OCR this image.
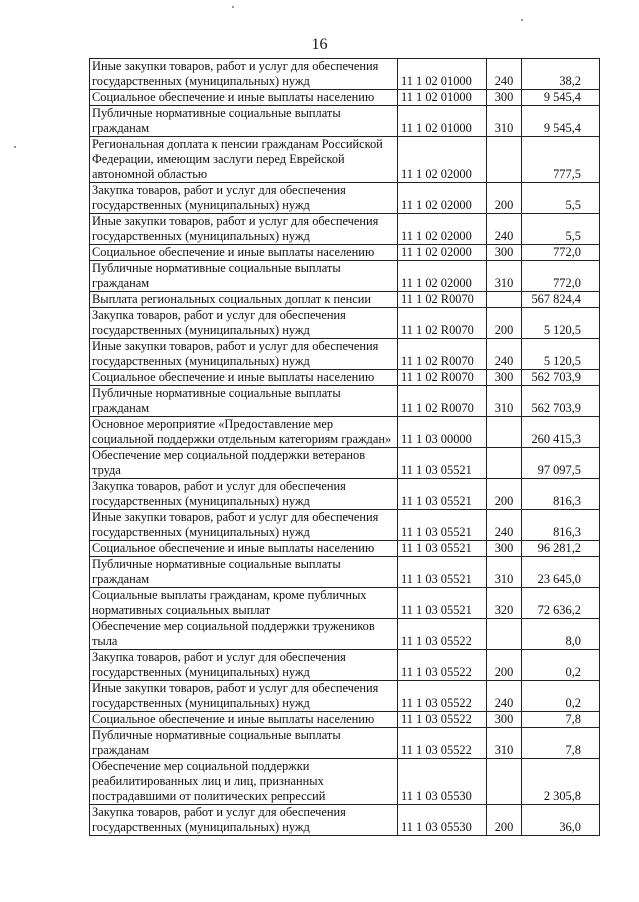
16
Иные закупки товаров, работ и услуг для обеспечения государственных (муниципальных) нужд	11 1 02 01000	240	38,2
Социальное обеспечение и иные выплаты населению	11 1 02 01000	300	9 545,4
Публичные нормативные социальные выплаты гражданам	11 1 02 01000	310	9 545,4
Региональная доплата к пенсии гражданам Российской Федерации, имеющим заслуги перед Еврейской автономной областью	11 1 02 02000		777,5
Закупка товаров, работ и услуг для обеспечения государственных (муниципальных) нужд	11 1 02 02000	200	5,5
Иные закупки товаров, работ и услуг для обеспечения государственных (муниципальных) нужд	11 1 02 02000	240	5,5
Социальное обеспечение и иные выплаты населению	11 1 02 02000	300	772,0
Публичные нормативные социальные выплаты гражданам	11 1 02 02000	310	772,0
Выплата региональных социальных доплат к пенсии	11 1 02 R0070		567 824,4
Закупка товаров, работ и услуг для обеспечения государственных (муниципальных) нужд	11 1 02 R0070	200	5 120,5
Иные закупки товаров, работ и услуг для обеспечения государственных (муниципальных) нужд	11 1 02 R0070	240	5 120,5
Социальное обеспечение и иные выплаты населению	11 1 02 R0070	300	562 703,9
Публичные нормативные социальные выплаты гражданам	11 1 02 R0070	310	562 703,9
Основное мероприятие «Предоставление мер социальной поддержки отдельным категориям граждан»	11 1 03 00000		260 415,3
Обеспечение мер социальной поддержки ветеранов труда	11 1 03 05521		97 097,5
Закупка товаров, работ и услуг для обеспечения государственных (муниципальных) нужд	11 1 03 05521	200	816,3
Иные закупки товаров, работ и услуг для обеспечения государственных (муниципальных) нужд	11 1 03 05521	240	816,3
Социальное обеспечение и иные выплаты населению	11 1 03 05521	300	96 281,2
Публичные нормативные социальные выплаты гражданам	11 1 03 05521	310	23 645,0
Социальные выплаты гражданам, кроме публичных нормативных социальных выплат	11 1 03 05521	320	72 636,2
Обеспечение мер социальной поддержки тружеников тыла	11 1 03 05522		8,0
Закупка товаров, работ и услуг для обеспечения государственных (муниципальных) нужд	11 1 03 05522	200	0,2
Иные закупки товаров, работ и услуг для обеспечения государственных (муниципальных) нужд	11 1 03 05522	240	0,2
Социальное обеспечение и иные выплаты населению	11 1 03 05522	300	7,8
Публичные нормативные социальные выплаты гражданам	11 1 03 05522	310	7,8
Обеспечение мер социальной поддержки реабилитированных лиц и лиц, признанных пострадавшими от политических репрессий	11 1 03 05530		2 305,8
Закупка товаров, работ и услуг для обеспечения государственных (муниципальных) нужд	11 1 03 05530	200	36,0
